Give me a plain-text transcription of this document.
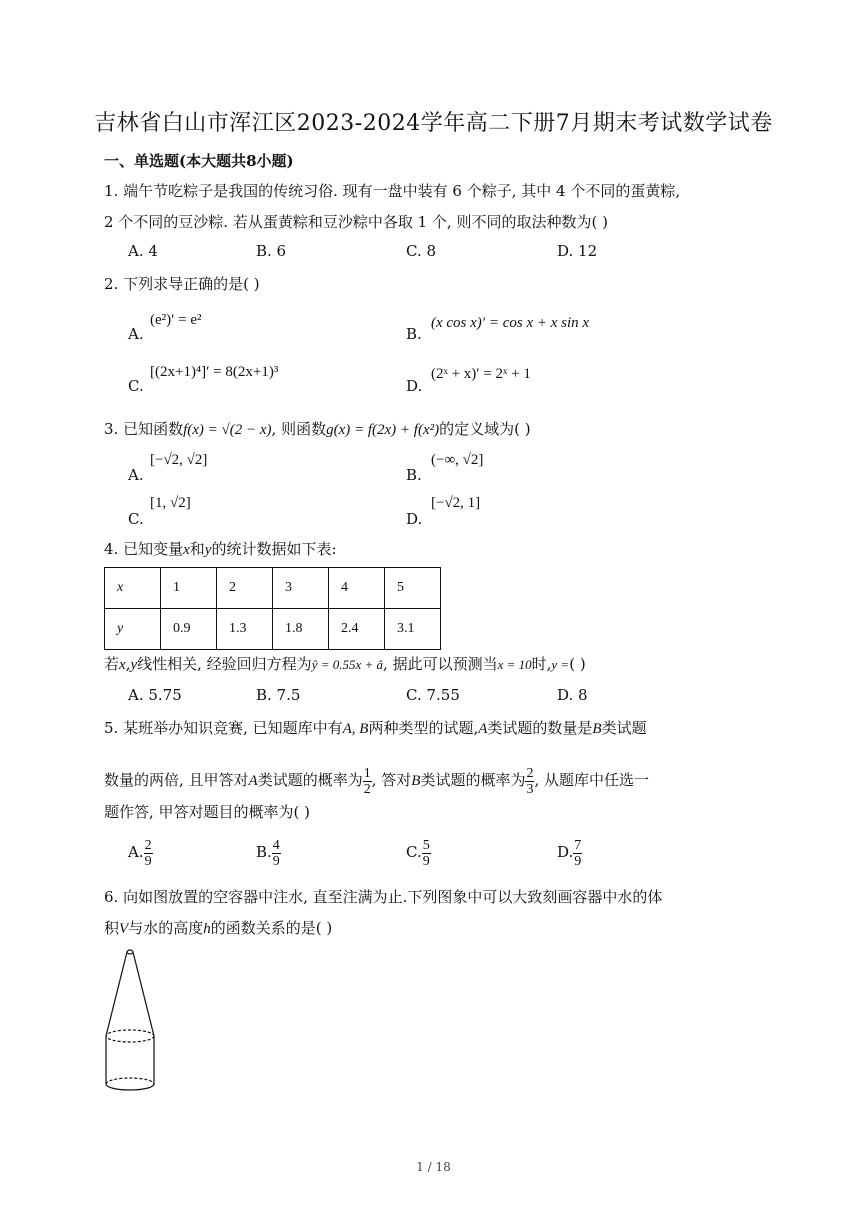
吉林省白山市浑江区2023-2024学年高二下册7月期末考试数学试卷
一、单选题(本大题共8小题)
1. 端午节吃粽子是我国的传统习俗. 现有一盘中装有 6 个粽子, 其中 4 个不同的蛋黄粽,
2 个不同的豆沙粽. 若从蛋黄粽和豆沙粽中各取 1 个, 则不同的取法种数为( )
A. 4	B. 6	C. 8	D. 12
2. 下列求导正确的是( )
A.
(e²)′ = e²
B.
(x cos x)′ = cos x + x sin x
C.
[(2x+1)⁴]′ = 8(2x+1)³
D.
(2ˣ + x)′ = 2ˣ + 1
3. 已知函数f(x) = √(2 − x), 则函数g(x) = f(2x) + f(x²)的定义域为( )
A.
[−√2, √2]
B.
(−∞, √2]
C.
[1, √2]
D.
[−√2, 1]
4. 已知变量x和y的统计数据如下表:
x	1	2	3	4	5
y	0.9	1.3	1.8	2.4	3.1
若x,y线性相关, 经验回归方程为ŷ = 0.55x + â, 据此可以预测当x = 10时,y =( )
A. 5.75	B. 7.5	C. 7.55	D. 8
5. 某班举办知识竞赛, 已知题库中有A, B两种类型的试题,A类试题的数量是B类试题
数量的两倍, 且甲答对A类试题的概率为 $\frac{1}{2}$ , 答对B类试题的概率为 $\frac{2}{3}$ , 从题库中任选一
题作答, 甲答对题目的概率为( )
A. $\frac{2}{9}$	B. $\frac{4}{9}$	C. $\frac{5}{9}$	D. $\frac{7}{9}$
6. 向如图放置的空容器中注水, 直至注满为止.下列图象中可以大致刻画容器中水的体
积V与水的高度h的函数关系的是( )
1 / 18
